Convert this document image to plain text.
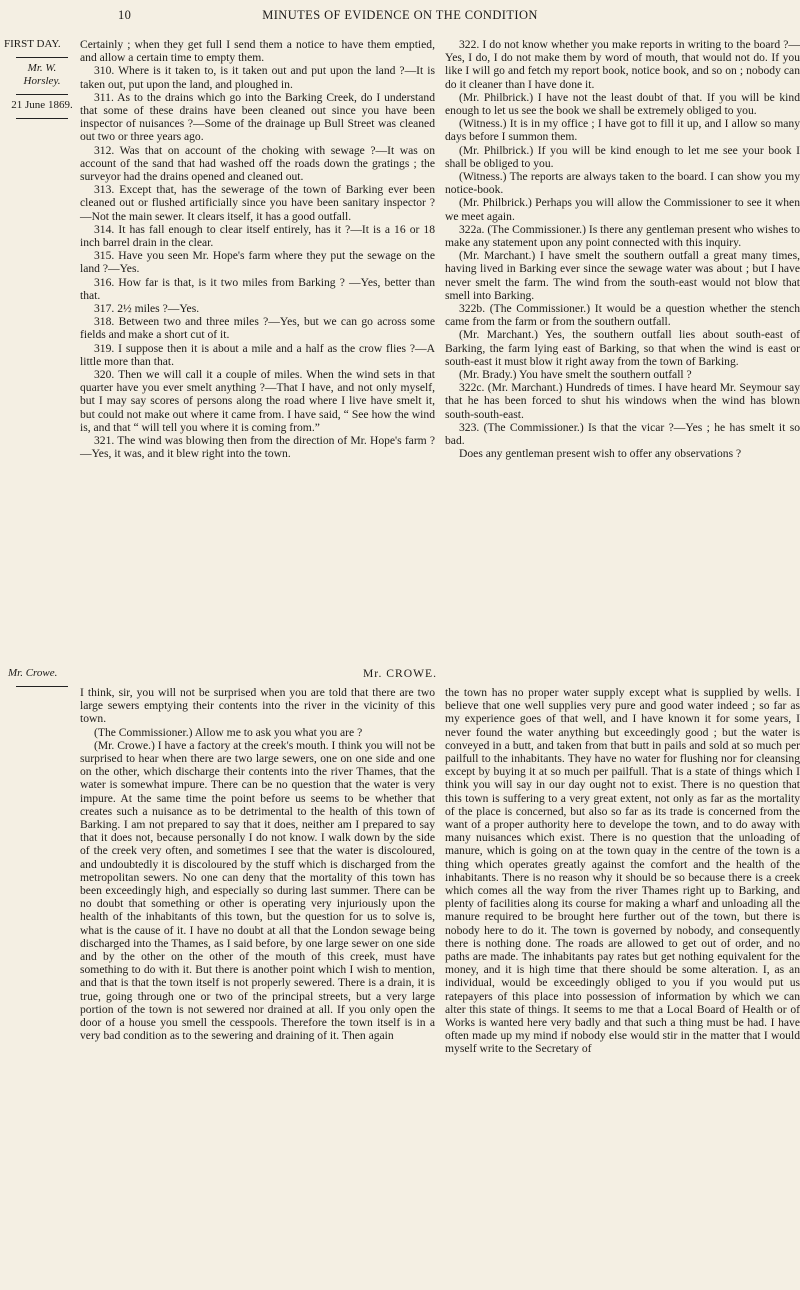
10	MINUTES OF EVIDENCE ON THE CONDITION
FIRST DAY.
Mr. W. Horsley.
21 June 1869.
Mr. Crowe.

Certainly ; when they get full I send them a notice to have them emptied, and allow a certain time to empty them.

310. Where is it taken to, is it taken out and put upon the land ?—It is taken out, put upon the land, and ploughed in.

311. As to the drains which go into the Barking Creek, do I understand that some of these drains have been cleaned out since you have been inspector of nuisances ?—Some of the drainage up Bull Street was cleaned out two or three years ago.

312. Was that on account of the choking with sewage ?—It was on account of the sand that had washed off the roads down the gratings ; the surveyor had the drains opened and cleaned out.

313. Except that, has the sewerage of the town of Barking ever been cleaned out or flushed artificially since you have been sanitary inspector ?—Not the main sewer. It clears itself, it has a good outfall.

314. It has fall enough to clear itself entirely, has it ?—It is a 16 or 18 inch barrel drain in the clear.

315. Have you seen Mr. Hope's farm where they put the sewage on the land ?—Yes.

316. How far is that, is it two miles from Barking ? —Yes, better than that.

317. 2½ miles ?—Yes.

318. Between two and three miles ?—Yes, but we can go across some fields and make a short cut of it.

319. I suppose then it is about a mile and a half as the crow flies ?—A little more than that.

320. Then we will call it a couple of miles. When the wind sets in that quarter have you ever smelt anything ?—That I have, and not only myself, but I may say scores of persons along the road where I live have smelt it, but could not make out where it came from. I have said, “ See how the wind is, and that “ will tell you where it is coming from.”

321. The wind was blowing then from the direction of Mr. Hope's farm ?—Yes, it was, and it blew right into the town.

322. I do not know whether you make reports in writing to the board ?—Yes, I do, I do not make them by word of mouth, that would not do. If you like I will go and fetch my report book, notice book, and so on ; nobody can do it cleaner than I have done it.

(Mr. Philbrick.) I have not the least doubt of that. If you will be kind enough to let us see the book we shall be extremely obliged to you.

(Witness.) It is in my office ; I have got to fill it up, and I allow so many days before I summon them.

(Mr. Philbrick.) If you will be kind enough to let me see your book I shall be obliged to you.

(Witness.) The reports are always taken to the board. I can show you my notice-book.

(Mr. Philbrick.) Perhaps you will allow the Commissioner to see it when we meet again.

322a. (The Commissioner.) Is there any gentleman present who wishes to make any statement upon any point connected with this inquiry.

(Mr. Marchant.) I have smelt the southern outfall a great many times, having lived in Barking ever since the sewage water was about ; but I have never smelt the farm. The wind from the south-east would not blow that smell into Barking.

322b. (The Commissioner.) It would be a question whether the stench came from the farm or from the southern outfall.

(Mr. Marchant.) Yes, the southern outfall lies about south-east of Barking, the farm lying east of Barking, so that when the wind is east or south-east it must blow it right away from the town of Barking.

(Mr. Brady.) You have smelt the southern outfall ?

322c. (Mr. Marchant.) Hundreds of times. I have heard Mr. Seymour say that he has been forced to shut his windows when the wind has blown south-south-east.

323. (The Commissioner.) Is that the vicar ?—Yes ; he has smelt it so bad.

Does any gentleman present wish to offer any observations ?

Mr. CROWE.

I think, sir, you will not be surprised when you are told that there are two large sewers emptying their contents into the river in the vicinity of this town.

(The Commissioner.) Allow me to ask you what you are ?

(Mr. Crowe.) I have a factory at the creek's mouth. I think you will not be surprised to hear when there are two large sewers, one on one side and one on the other, which discharge their contents into the river Thames, that the water is somewhat impure. There can be no question that the water is very impure. At the same time the point before us seems to be whether that creates such a nuisance as to be detrimental to the health of this town of Barking. I am not prepared to say that it does, neither am I prepared to say that it does not, because personally I do not know. I walk down by the side of the creek very often, and sometimes I see that the water is discoloured, and undoubtedly it is discoloured by the stuff which is discharged from the metropolitan sewers. No one can deny that the mortality of this town has been exceedingly high, and especially so during last summer. There can be no doubt that something or other is operating very injuriously upon the health of the inhabitants of this town, but the question for us to solve is, what is the cause of it. I have no doubt at all that the London sewage being discharged into the Thames, as I said before, by one large sewer on one side and by the other on the other of the mouth of this creek, must have something to do with it. But there is another point which I wish to mention, and that is that the town itself is not properly sewered. There is a drain, it is true, going through one or two of the principal streets, but a very large portion of the town is not sewered nor drained at all. If you only open the door of a house you smell the cesspools. Therefore the town itself is in a very bad condition as to the sewering and draining of it. Then again

the town has no proper water supply except what is supplied by wells. I believe that one well supplies very pure and good water indeed ; so far as my experience goes of that well, and I have known it for some years, I never found the water anything but exceedingly good ; but the water is conveyed in a butt, and taken from that butt in pails and sold at so much per pailfull to the inhabitants. They have no water for flushing nor for cleansing except by buying it at so much per pailfull. That is a state of things which I think you will say in our day ought not to exist. There is no question that this town is suffering to a very great extent, not only as far as the mortality of the place is concerned, but also so far as its trade is concerned from the want of a proper authority here to develope the town, and to do away with many nuisances which exist. There is no question that the unloading of manure, which is going on at the town quay in the centre of the town is a thing which operates greatly against the comfort and the health of the inhabitants. There is no reason why it should be so because there is a creek which comes all the way from the river Thames right up to Barking, and plenty of facilities along its course for making a wharf and unloading all the manure required to be brought here further out of the town, but there is nobody here to do it. The town is governed by nobody, and consequently there is nothing done. The roads are allowed to get out of order, and no paths are made. The inhabitants pay rates but get nothing equivalent for the money, and it is high time that there should be some alteration. I, as an individual, would be exceedingly obliged to you if you would put us ratepayers of this place into possession of information by which we can alter this state of things. It seems to me that a Local Board of Health or of Works is wanted here very badly and that such a thing must be had. I have often made up my mind if nobody else would stir in the matter that I would myself write to the Secretary of
